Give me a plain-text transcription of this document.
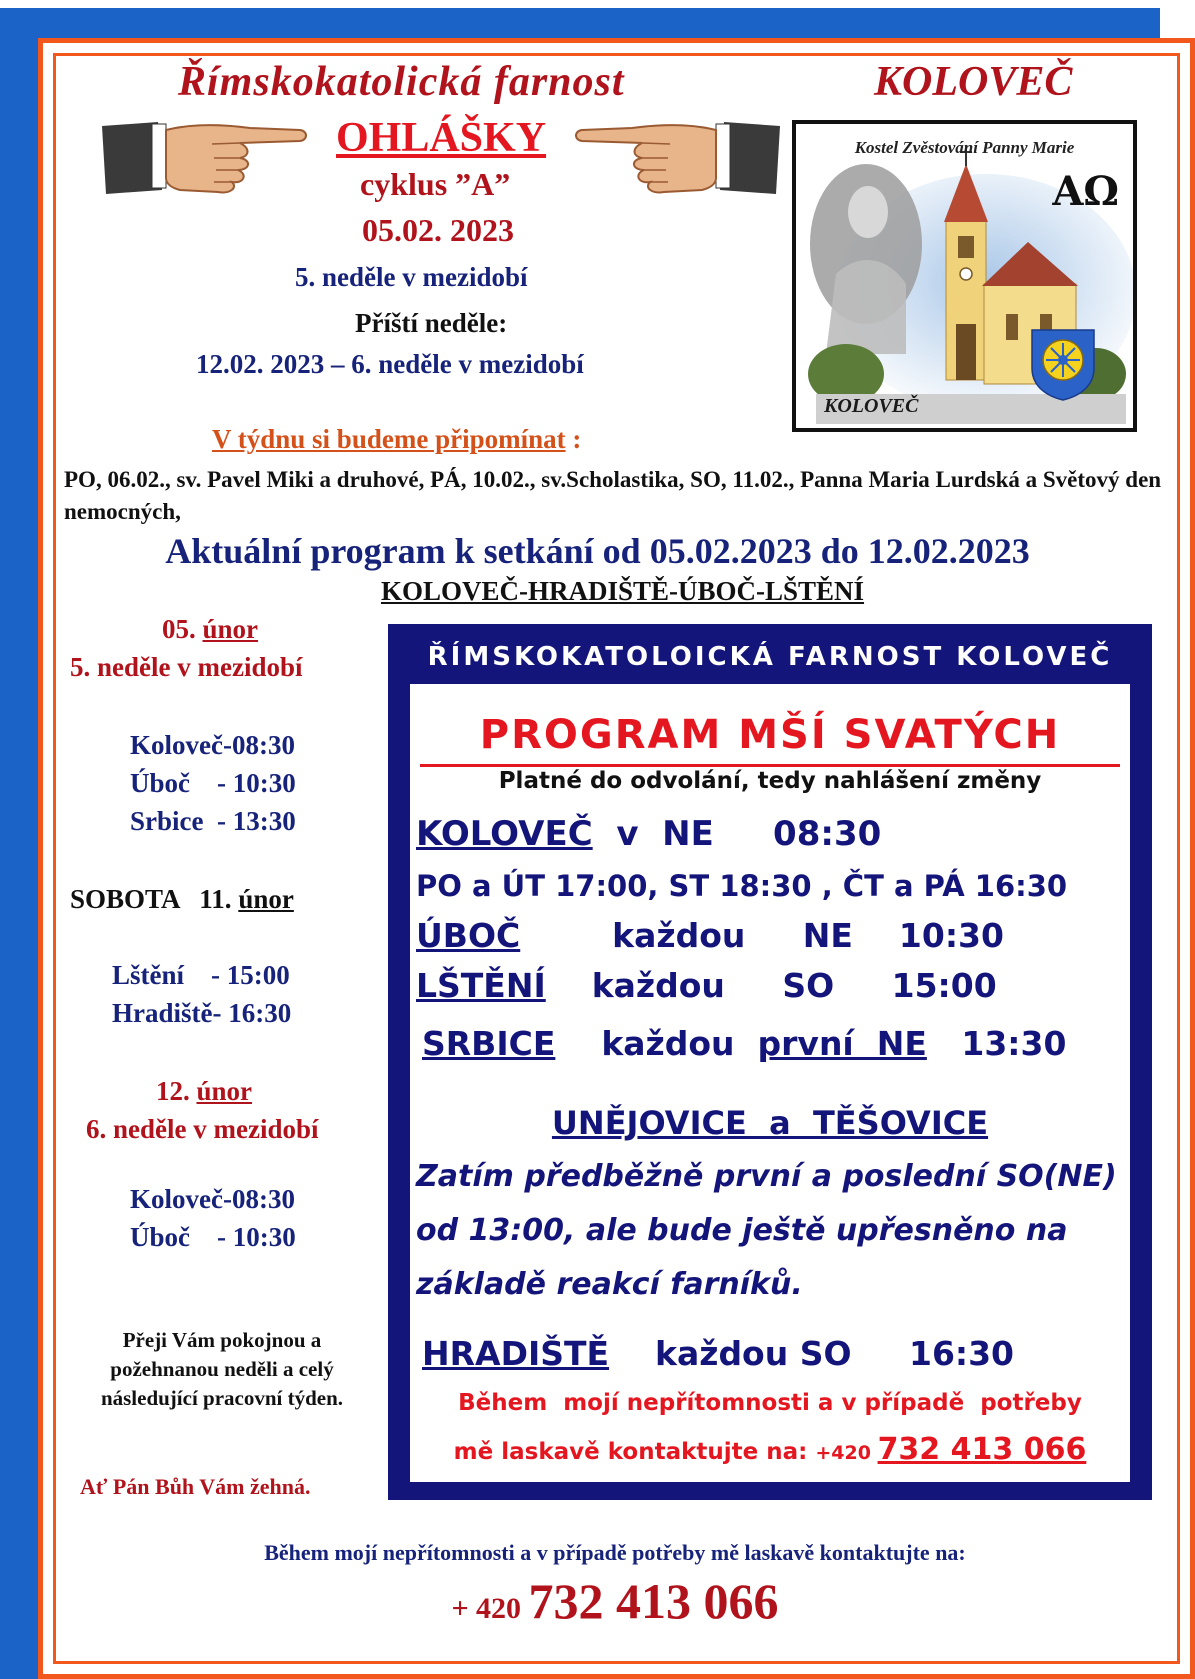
Římskokatolická farnost	KOLOVEČ
OHLÁŠKY
cyklus ”A”
05.02. 2023
5. neděle v mezidobí
Příští neděle:
12.02. 2023 – 6. neděle v mezidobí
Kostel Zvěstování Panny Marie
AΩ
KOLOVEČ
V týdnu si budeme připomínat :
PO, 06.02., sv. Pavel Miki a druhové, PÁ, 10.02., sv.Scholastika, SO, 11.02., Panna Maria Lurdská a Světový den nemocných,
Aktuální program k setkání od 05.02.2023 do 12.02.2023
KOLOVEČ-HRADIŠTĚ-ÚBOČ-LŠTĚNÍ
05. únor
5. neděle v mezidobí
Koloveč-08:30
Úboč    - 10:30
Srbice  - 13:30
SOBOTA   11. únor
Lštění    - 15:00
Hradiště- 16:30
12. únor
6. neděle v mezidobí
Koloveč-08:30
Úboč    - 10:30
Přeji Vám pokojnou a
požehnanou neděli a celý
následující pracovní týden.
Ať Pán Bůh Vám žehná.
ŘÍMSKOKATOLOICKÁ FARNOST KOLOVEČ
PROGRAM MŠÍ SVATÝCH
Platné do odvolání, tedy nahlášení změny
KOLOVEČ  v  NE     08:30
PO a ÚT 17:00, ST 18:30 , ČT a PÁ 16:30
ÚBOČ        každou     NE    10:30
LŠTĚNÍ    každou     SO     15:00
SRBICE    každou  první  NE   13:30
UNĚJOVICE  a  TĚŠOVICE
Zatím předběžně první a poslední SO(NE) od 13:00, ale bude ještě upřesněno na základě reakcí farníků.
HRADIŠTĚ    každou SO     16:30
Během  mojí nepřítomnosti a v případě  potřeby
mě laskavě kontaktujte na: +420 732 413 066
Během mojí nepřítomnosti a v případě potřeby mě laskavě kontaktujte na:
+ 420 732 413 066
